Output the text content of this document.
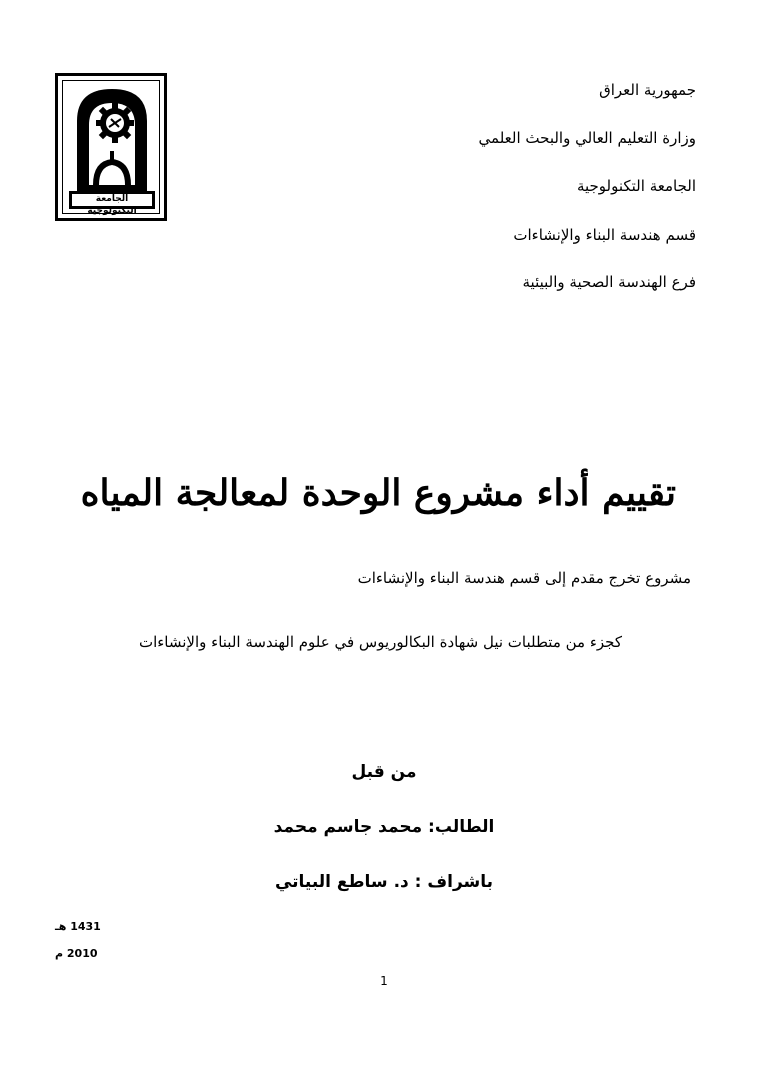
الجامعة التكنولوجية
جمهورية العراق
وزارة التعليم العالي والبحث العلمي
الجامعة التكنولوجية
قسم هندسة البناء والإنشاءات
فرع الهندسة الصحية والبيئية
تقييم أداء مشروع الوحدة لمعالجة المياه
مشروع تخرج مقدم إلى قسم هندسة البناء والإنشاءات
كجزء من متطلبات نيل شهادة البكالوريوس في علوم الهندسة البناء والإنشاءات
من قبل
الطالب: محمد جاسم محمد
باشراف : د. ساطع البياتي
1431 هـ
2010 م
1
